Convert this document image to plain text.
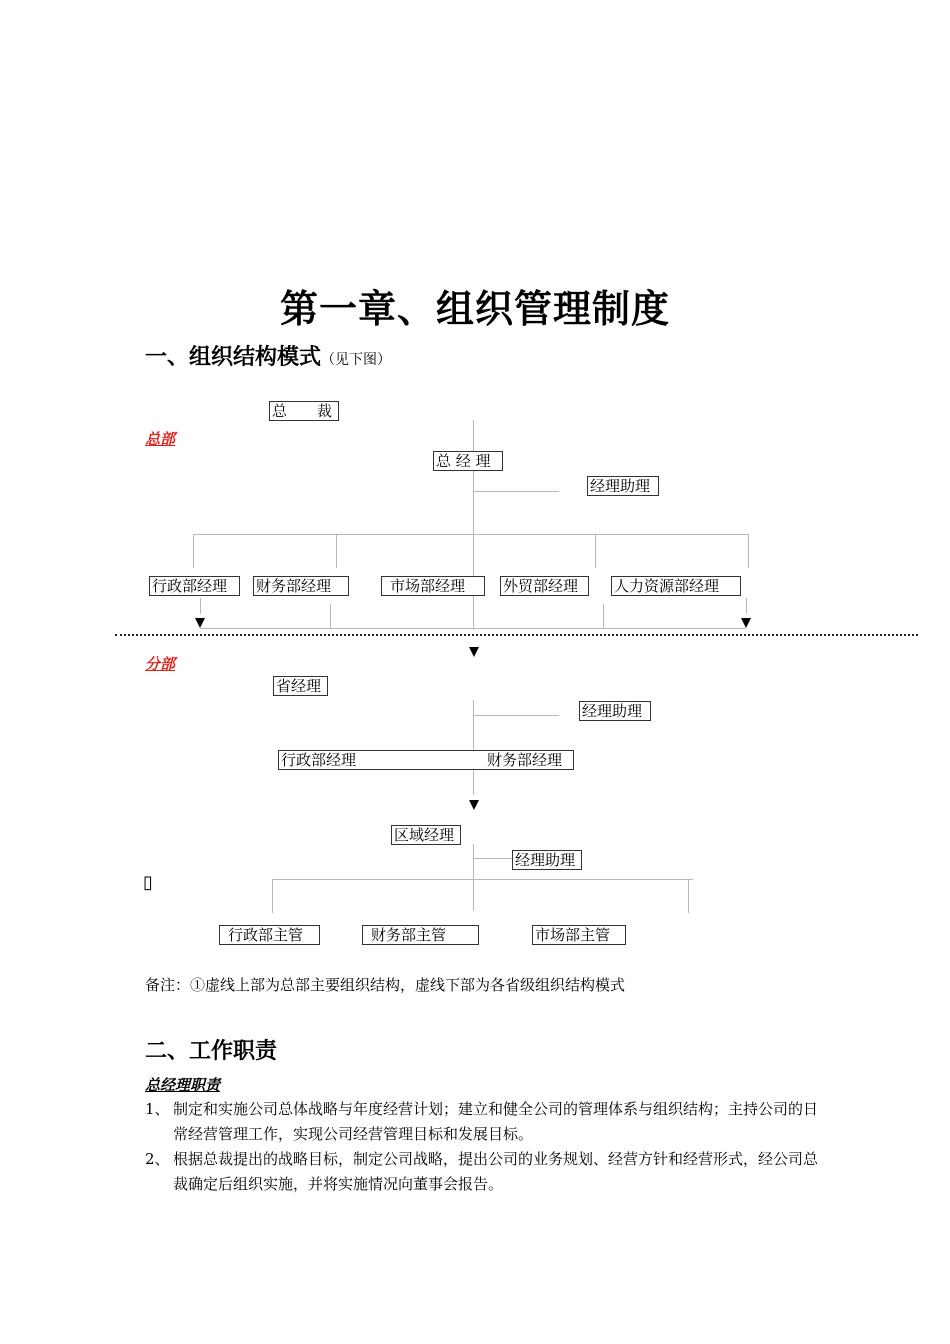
第一章、组织管理制度
一、组织结构模式（见下图）
总部
总　　裁
总 经 理
经理助理
行政部经理	财务部经理	市场部经理	外贸部经理	人力资源部经理
分部
省经理
经理助理
行政部经理	财务部经理
区域经理
经理助理
▯
行政部主管	财务部主管	市场部主管
备注：①虚线上部为总部主要组织结构，虚线下部为各省级组织结构模式
二、工作职责
总经理职责
1、 制定和实施公司总体战略与年度经营计划；建立和健全公司的管理体系与组织结构；主持公司的日常经营管理工作，实现公司经营管理目标和发展目标。
2、 根据总裁提出的战略目标，制定公司战略，提出公司的业务规划、经营方针和经营形式，经公司总裁确定后组织实施，并将实施情况向董事会报告。
